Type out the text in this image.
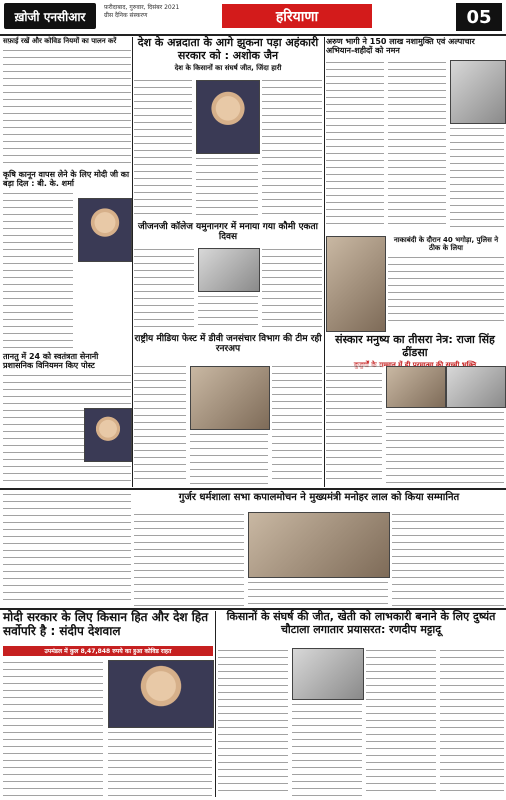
ख़ोजी एनसीआर
फ़रीदाबाद, गुरुवार, दिसंबर 2021
ग्रीस दैनिक संस्करण	हरियाणा	05
सफ़ाई रखें और कोविड नियमों का पालन करें
कृषि कानून वापस लेने के लिए मोदी जी का बड़ा दिल : बी. के. शर्मा
तानतु में 24 को स्वतंत्रता सेनानी प्रशासनिक विनियमन किए पोस्ट
देश के अन्नदाता के आगे झुकना पड़ा अहंकारी सरकार को : अशोक जैन
देश के किसानों का संघर्ष जीत, जिंदा हारी
जीजनजी कॉलेज यमुनानगर में मनाया गया कौमी एकता दिवस
राष्ट्रीय मीडिया फेस्ट में डीवी जनसंचार विभाग की टीम रही रनरअप
अरुण भागी ने 150 लाख नशामुक्ति एवं अल्पाचार अभियान‑शहीदों को नमन
नाकाबंदी के दौरान 40 भगोड़ा, पुलिस ने ठीक के लिया
संस्कार मनुष्य का तीसरा नेत्र: राजा सिंह ढींडसा
गुर्जर धर्मशाला सभा कपालमोचन ने मुख्यमंत्री मनोहर लाल को किया सम्मानित
मोदी सरकार के लिए किसान हित और देश हित सर्वोपरि है : संदीप देशवाल
उपमंडल में कुल 8,47,848 रुपये का हुआ कोविड राहत
किसानों के संघर्ष की जीत, खेती को लाभकारी बनाने के लिए दुष्यंत चौटाला लगातार प्रयासरत: रणदीप मट्टादू
